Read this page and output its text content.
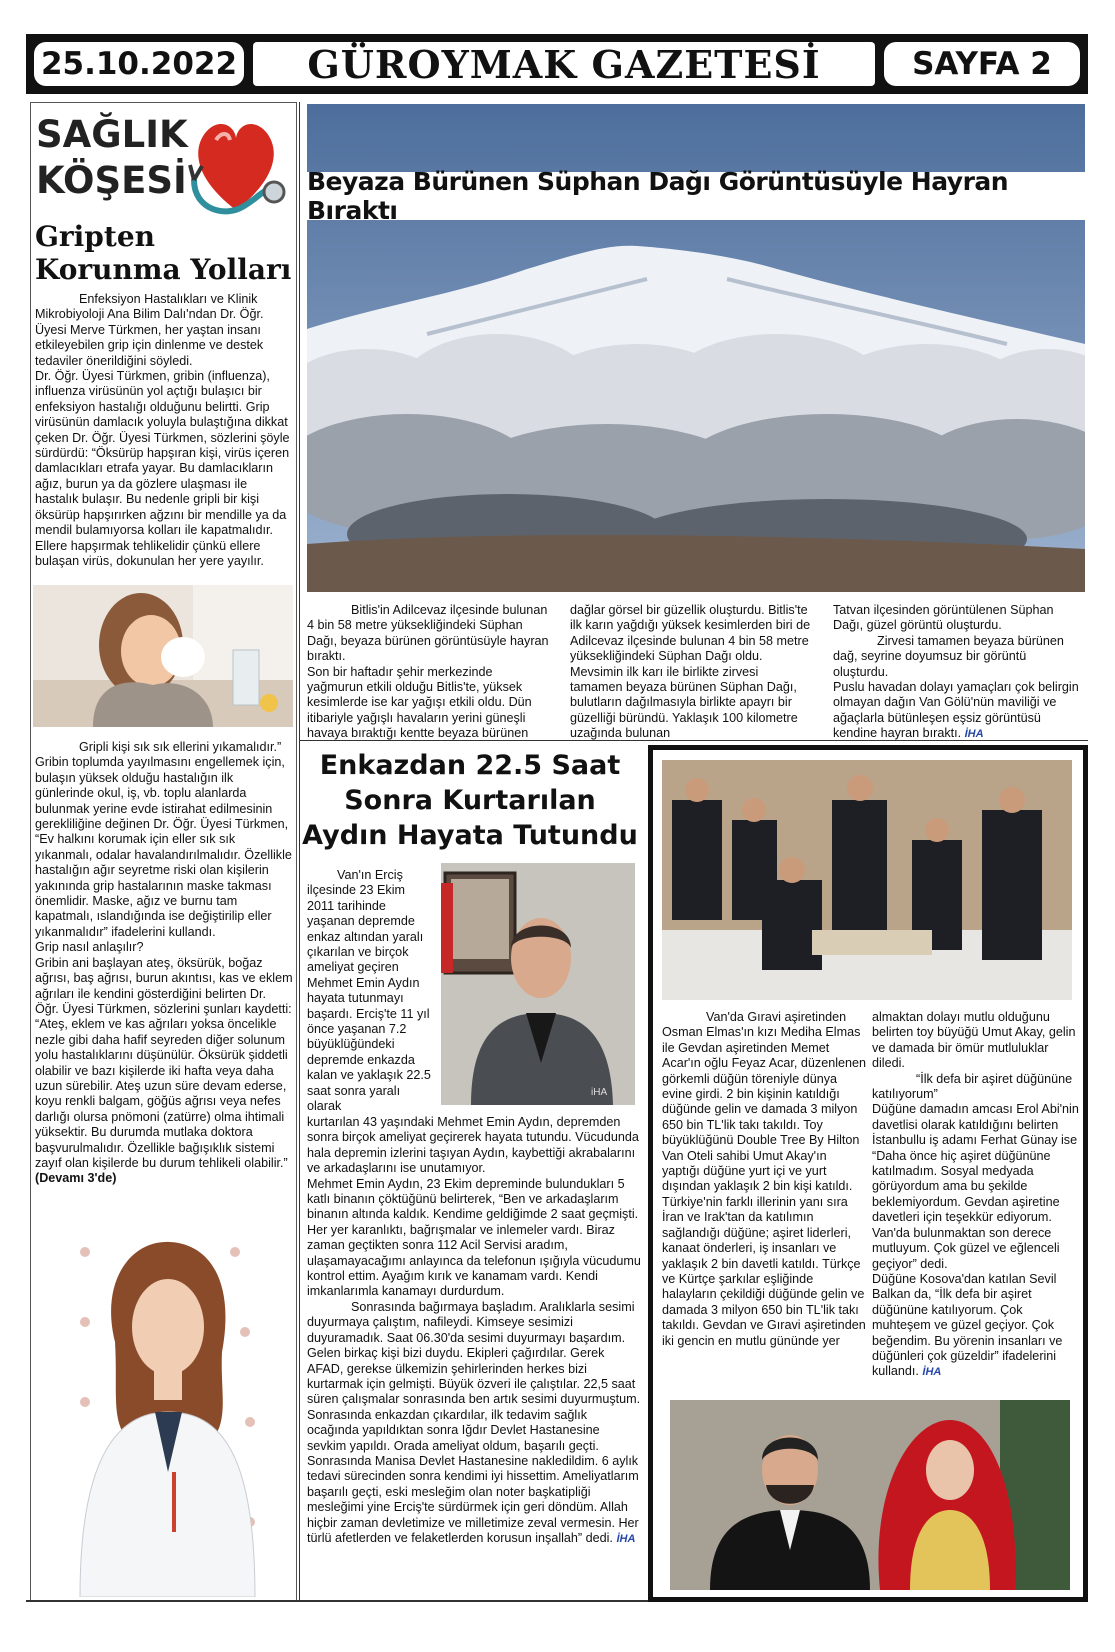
25.10.2022	GÜROYMAK GAZETESİ	SAYFA 2
SAĞLIK
KÖŞESİ
Gripten Korunma Yolları

Enfeksiyon Hastalıkları ve Klinik Mikrobiyoloji Ana Bilim Dalı'ndan Dr. Öğr. Üyesi Merve Türkmen, her yaştan insanı etkileyebilen grip için dinlenme ve destek tedaviler önerildiğini söyledi.

Dr. Öğr. Üyesi Türkmen, gribin (influenza), influenza virüsünün yol açtığı bulaşıcı bir enfeksiyon hastalığı olduğunu belirtti. Grip virüsünün damlacık yoluyla bulaştığına dikkat çeken Dr. Öğr. Üyesi Türkmen, sözlerini şöyle sürdürdü: “Öksürüp hapşıran kişi, virüs içeren damlacıkları etrafa yayar. Bu damlacıkların ağız, burun ya da gözlere ulaşması ile hastalık bulaşır. Bu nedenle gripli bir kişi öksürüp hapşırırken ağzını bir mendille ya da mendil bulamıyorsa kolları ile kapatmalıdır. Ellere hapşırmak tehlikelidir çünkü ellere bulaşan virüs, dokunulan her yere yayılır.

Gripli kişi sık sık ellerini yıkamalıdır.”

Gribin toplumda yayılmasını engellemek için, bulaşın yüksek olduğu hastalığın ilk günlerinde okul, iş, vb. toplu alanlarda bulunmak yerine evde istirahat edilmesinin gerekliliğine değinen Dr. Öğr. Üyesi Türkmen, “Ev halkını korumak için eller sık sık yıkanmalı, odalar havalandırılmalıdır. Özellikle hastalığın ağır seyretme riski olan kişilerin yakınında grip hastalarının maske takması önemlidir. Maske, ağız ve burnu tam kapatmalı, ıslandığında ise değiştirilip eller yıkanmalıdır” ifadelerini kullandı.

Grip nasıl anlaşılır?

Gribin ani başlayan ateş, öksürük, boğaz ağrısı, baş ağrısı, burun akıntısı, kas ve eklem ağrıları ile kendini gösterdiğini belirten Dr. Öğr. Üyesi Türkmen, sözlerini şunları kaydetti:

“Ateş, eklem ve kas ağrıları yoksa öncelikle nezle gibi daha hafif seyreden diğer solunum yolu hastalıklarını düşünülür. Öksürük şiddetli olabilir ve bazı kişilerde iki hafta veya daha uzun sürebilir. Ateş uzun süre devam ederse, koyu renkli balgam, göğüs ağrısı veya nefes darlığı olursa pnömoni (zatürre) olma ihtimali yüksektir. Bu durumda mutlaka doktora başvurulmalıdır. Özellikle bağışıklık sistemi zayıf olan kişilerde bu durum tehlikeli olabilir.” (Devamı 3'de)

Beyaza Bürünen Süphan Dağı Görüntüsüyle Hayran Bıraktı

Bitlis'in Adilcevaz ilçesinde bulunan 4 bin 58 metre yüksekliğindeki Süphan Dağı, beyaza bürünen görüntüsüyle hayran bıraktı.

Son bir haftadır şehir merkezinde yağmurun etkili olduğu Bitlis'te, yüksek kesimlerde ise kar yağışı etkili oldu. Dün itibariyle yağışlı havaların yerini güneşli havaya bıraktığı kentte beyaza bürünen

dağlar görsel bir güzellik oluşturdu. Bitlis'te ilk karın yağdığı yüksek kesimlerden biri de Adilcevaz ilçesinde bulunan 4 bin 58 metre yüksekliğindeki Süphan Dağı oldu. Mevsimin ilk karı ile birlikte zirvesi tamamen beyaza bürünen Süphan Dağı, bulutların dağılmasıyla birlikte apayrı bir güzelliği büründü. Yaklaşık 100 kilometre uzağında bulunan

Tatvan ilçesinden görüntülenen Süphan Dağı, güzel görüntü oluşturdu.

Zirvesi tamamen beyaza bürünen dağ, seyrine doyumsuz bir görüntü oluşturdu.

Puslu havadan dolayı yamaçları çok belirgin olmayan dağın Van Gölü'nün maviliği ve ağaçlarla bütünleşen eşsiz görüntüsü kendine hayran bıraktı. İHA

Enkazdan 22.5 Saat
Sonra Kurtarılan
Aydın Hayata Tutundu
iHA

Van'ın Erciş ilçesinde 23 Ekim 2011 tarihinde yaşanan depremde enkaz altından yaralı çıkarılan ve birçok ameliyat geçiren Mehmet Emin Aydın hayata tutunmayı başardı. Erciş'te 11 yıl önce yaşanan 7.2 büyüklüğündeki depremde enkazda kalan ve yaklaşık 22.5 saat sonra yaralı olarak

kurtarılan 43 yaşındaki Mehmet Emin Aydın, depremden sonra birçok ameliyat geçirerek hayata tutundu. Vücudunda hala depremin izlerini taşıyan Aydın, kaybettiği akrabalarını ve arkadaşlarını ise unutamıyor.

Mehmet Emin Aydın, 23 Ekim depreminde bulundukları 5 katlı binanın çöktüğünü belirterek, “Ben ve arkadaşlarım binanın altında kaldık. Kendime geldiğimde 2 saat geçmişti. Her yer karanlıktı, bağrışmalar ve inlemeler vardı. Biraz zaman geçtikten sonra 112 Acil Servisi aradım, ulaşamayacağımı anlayınca da telefonun ışığıyla vücudumu kontrol ettim. Ayağım kırık ve kanamam vardı. Kendi imkanlarımla kanamayı durdurdum.

Sonrasında bağırmaya başladım. Aralıklarla sesimi duyurmaya çalıştım, nafileydi. Kimseye sesimizi duyuramadık. Saat 06.30'da sesimi duyurmayı başardım. Gelen birkaç kişi bizi duydu. Ekipleri çağırdılar. Gerek AFAD, gerekse ülkemizin şehirlerinden herkes bizi kurtarmak için gelmişti. Büyük özveri ile çalıştılar. 22,5 saat süren çalışmalar sonrasında ben artık sesimi duyurmuştum. Sonrasında enkazdan çıkardılar, ilk tedavim sağlık ocağında yapıldıktan sonra Iğdır Devlet Hastanesine sevkim yapıldı. Orada ameliyat oldum, başarılı geçti. Sonrasında Manisa Devlet Hastanesine nakledildim. 6 aylık tedavi sürecinden sonra kendimi iyi hissettim. Ameliyatlarım başarılı geçti, eski mesleğim olan noter başkatipliği mesleğimi yine Erciş'te sürdürmek için geri döndüm. Allah hiçbir zaman devletimize ve milletimize zeval vermesin. Her türlü afetlerden ve felaketlerden korusun inşallah” dedi. İHA

Van'da Gıravi aşiretinden Osman Elmas'ın kızı Mediha Elmas ile Gevdan aşiretinden Memet Acar'ın oğlu Feyaz Acar, düzenlenen görkemli düğün töreniyle dünya evine girdi. 2 bin kişinin katıldığı düğünde gelin ve damada 3 milyon 650 bin TL'lik takı takıldı. Toy büyüklüğünü Double Tree By Hilton Van Oteli sahibi Umut Akay'ın yaptığı düğüne yurt içi ve yurt dışından yaklaşık 2 bin kişi katıldı. Türkiye'nin farklı illerinin yanı sıra İran ve Irak'tan da katılımın sağlandığı düğüne; aşiret liderleri, kanaat önderleri, iş insanları ve yaklaşık 2 bin davetli katıldı. Türkçe ve Kürtçe şarkılar eşliğinde halayların çekildiği düğünde gelin ve damada 3 milyon 650 bin TL'lik takı takıldı. Gevdan ve Gıravi aşiretinden iki gencin en mutlu gününde yer

almaktan dolayı mutlu olduğunu belirten toy büyüğü Umut Akay, gelin ve damada bir ömür mutluluklar diledi.

“İlk defa bir aşiret düğününe katılıyorum”

Düğüne damadın amcası Erol Abi'nin davetlisi olarak katıldığını belirten İstanbullu iş adamı Ferhat Günay ise “Daha önce hiç aşiret düğününe katılmadım. Sosyal medyada görüyordum ama bu şekilde beklemiyordum. Gevdan aşiretine davetleri için teşekkür ediyorum. Van'da bulunmaktan son derece mutluyum. Çok güzel ve eğlenceli geçiyor” dedi.

Düğüne Kosova'dan katılan Sevil Balkan da, “İlk defa bir aşiret düğününe katılıyorum. Çok muhteşem ve güzel geçiyor. Çok beğendim. Bu yörenin insanları ve düğünleri çok güzeldir” ifadelerini kullandı. İHA
